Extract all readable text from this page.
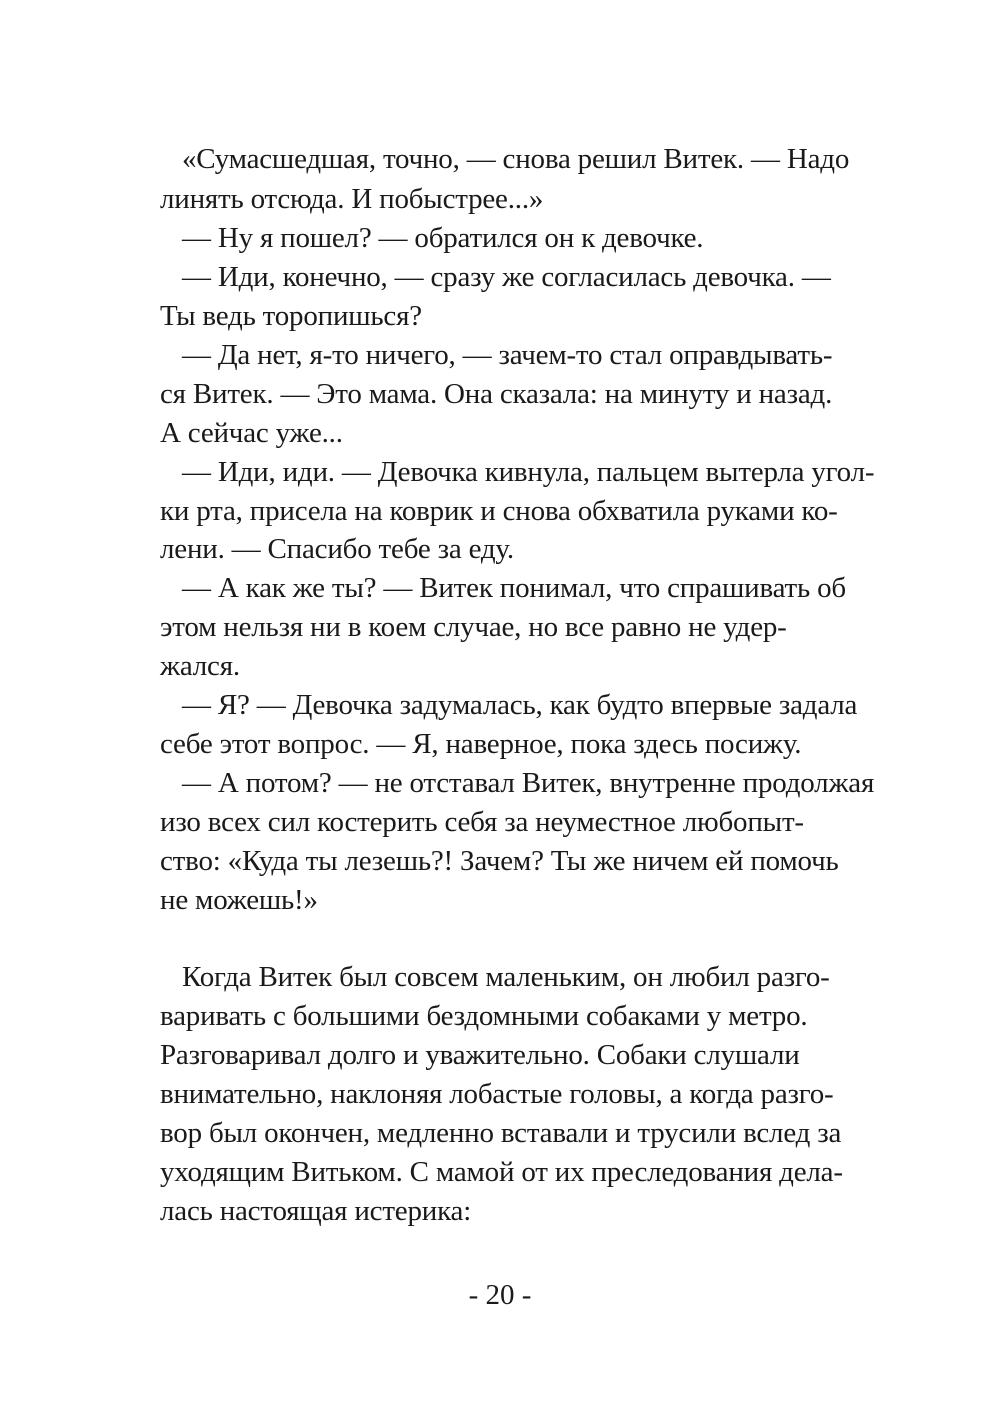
«Сумасшедшая, точно, — снова решил Витек. — Надо
линять отсюда. И побыстрее...»
— Ну я пошел? — обратился он к девочке.
— Иди, конечно, — сразу же согласилась девочка. —
Ты ведь торопишься?
— Да нет, я-то ничего, — зачем-то стал оправдывать-
ся Витек. — Это мама. Она сказала: на минуту и назад.
А сейчас уже...
— Иди, иди. — Девочка кивнула, пальцем вытерла угол-
ки рта, присела на коврик и снова обхватила руками ко-
лени. — Спасибо тебе за еду.
— А как же ты? — Витек понимал, что спрашивать об
этом нельзя ни в коем случае, но все равно не удер-
жался.
— Я? — Девочка задумалась, как будто впервые задала
себе этот вопрос. — Я, наверное, пока здесь посижу.
— А потом? — не отставал Витек, внутренне продолжая
изо всех сил костерить себя за неуместное любопыт-
ство: «Куда ты лезешь?! Зачем? Ты же ничем ей помочь
не можешь!»
Когда Витек был совсем маленьким, он любил разго-
варивать с большими бездомными собаками у метро.
Разговаривал долго и уважительно. Собаки слушали
внимательно, наклоняя лобастые головы, а когда разго-
вор был окончен, медленно вставали и трусили вслед за
уходящим Витьком. С мамой от их преследования дела-
лась настоящая истерика:
- 20 -
